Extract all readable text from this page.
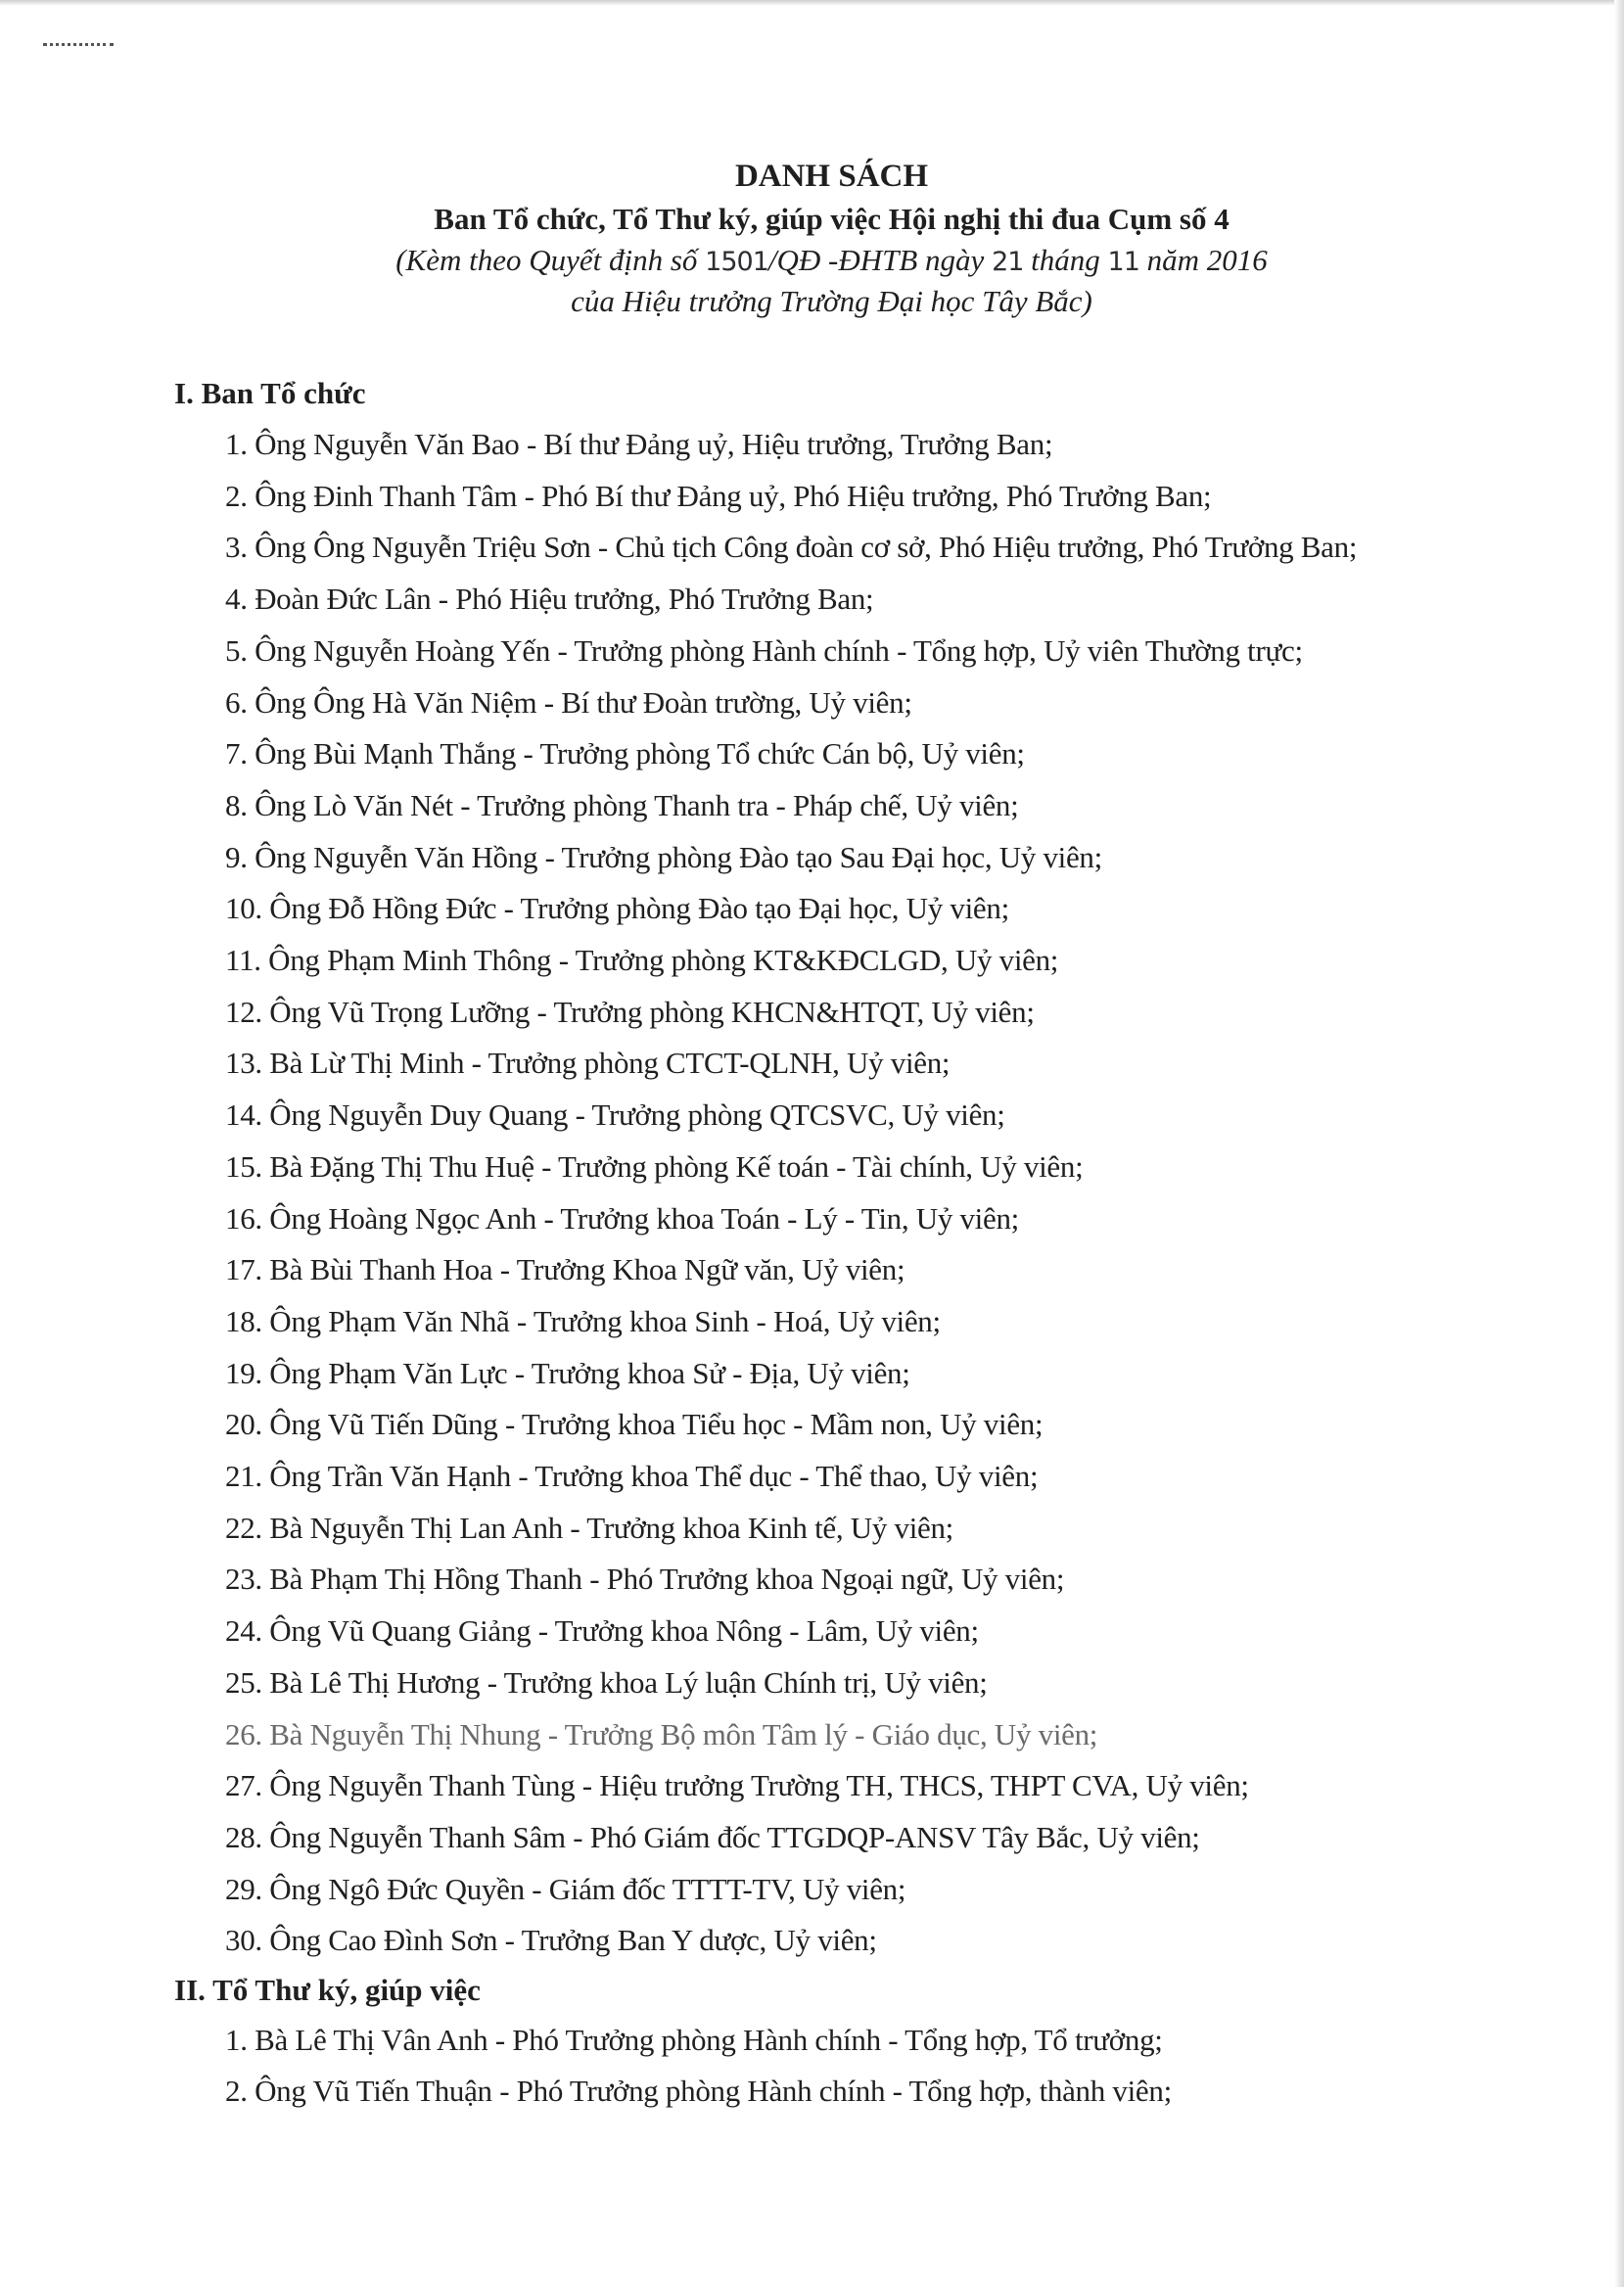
DANH SÁCH
Ban Tổ chức, Tổ Thư ký, giúp việc Hội nghị thi đua Cụm số 4
(Kèm theo Quyết định số 1501/QĐ -ĐHTB ngày 21 tháng 11 năm 2016
của Hiệu trưởng Trường Đại học Tây Bắc)
I. Ban Tổ chức
1. Ông Nguyễn Văn Bao - Bí thư Đảng uỷ, Hiệu trưởng, Trưởng Ban;
2. Ông Đinh Thanh Tâm - Phó Bí thư Đảng uỷ, Phó Hiệu trưởng, Phó Trưởng Ban;
3. Ông Ông Nguyễn Triệu Sơn - Chủ tịch Công đoàn cơ sở, Phó Hiệu trưởng, Phó Trưởng Ban;
4. Đoàn Đức Lân - Phó Hiệu trưởng, Phó Trưởng Ban;
5. Ông Nguyễn Hoàng Yến - Trưởng phòng Hành chính - Tổng hợp, Uỷ viên Thường trực;
6. Ông Ông Hà Văn Niệm - Bí thư Đoàn trường, Uỷ viên;
7. Ông Bùi Mạnh Thắng - Trưởng phòng Tổ chức Cán bộ, Uỷ viên;
8. Ông Lò Văn Nét - Trưởng phòng Thanh tra - Pháp chế, Uỷ viên;
9. Ông Nguyễn Văn Hồng - Trưởng phòng Đào tạo Sau Đại học, Uỷ viên;
10. Ông Đỗ Hồng Đức - Trưởng phòng Đào tạo Đại học, Uỷ viên;
11. Ông Phạm Minh Thông - Trưởng phòng KT&KĐCLGD, Uỷ viên;
12. Ông Vũ Trọng Lưỡng - Trưởng phòng KHCN&HTQT, Uỷ viên;
13. Bà Lừ Thị Minh - Trưởng phòng CTCT-QLNH, Uỷ viên;
14. Ông Nguyễn Duy Quang - Trưởng phòng QTCSVC, Uỷ viên;
15. Bà Đặng Thị Thu Huệ - Trưởng phòng Kế toán - Tài chính, Uỷ viên;
16. Ông Hoàng Ngọc Anh - Trưởng khoa Toán - Lý - Tin, Uỷ viên;
17. Bà Bùi Thanh Hoa - Trưởng Khoa Ngữ văn, Uỷ viên;
18. Ông Phạm Văn Nhã - Trưởng khoa Sinh - Hoá, Uỷ viên;
19. Ông Phạm Văn Lực - Trưởng khoa Sử - Địa, Uỷ viên;
20. Ông Vũ Tiến Dũng - Trưởng khoa Tiểu học - Mầm non, Uỷ viên;
21. Ông Trần Văn Hạnh - Trưởng khoa Thể dục - Thể thao, Uỷ viên;
22. Bà Nguyễn Thị Lan Anh - Trưởng khoa Kinh tế, Uỷ viên;
23. Bà Phạm Thị Hồng Thanh - Phó Trưởng khoa Ngoại ngữ, Uỷ viên;
24. Ông Vũ Quang Giảng - Trưởng khoa Nông - Lâm, Uỷ viên;
25. Bà Lê Thị Hương - Trưởng khoa Lý luận Chính trị, Uỷ viên;
26. Bà Nguyễn Thị Nhung - Trưởng Bộ môn Tâm lý - Giáo dục, Uỷ viên;
27. Ông Nguyễn Thanh Tùng - Hiệu trưởng Trường TH, THCS, THPT CVA, Uỷ viên;
28. Ông Nguyễn Thanh Sâm - Phó Giám đốc TTGDQP-ANSV Tây Bắc, Uỷ viên;
29. Ông Ngô Đức Quyền - Giám đốc TTTT-TV, Uỷ viên;
30. Ông Cao Đình Sơn - Trưởng Ban Y dược, Uỷ viên;
II. Tổ Thư ký, giúp việc
1. Bà Lê Thị Vân Anh - Phó Trưởng phòng Hành chính - Tổng hợp, Tổ trưởng;
2. Ông Vũ Tiến Thuận - Phó Trưởng phòng Hành chính - Tổng hợp, thành viên;
